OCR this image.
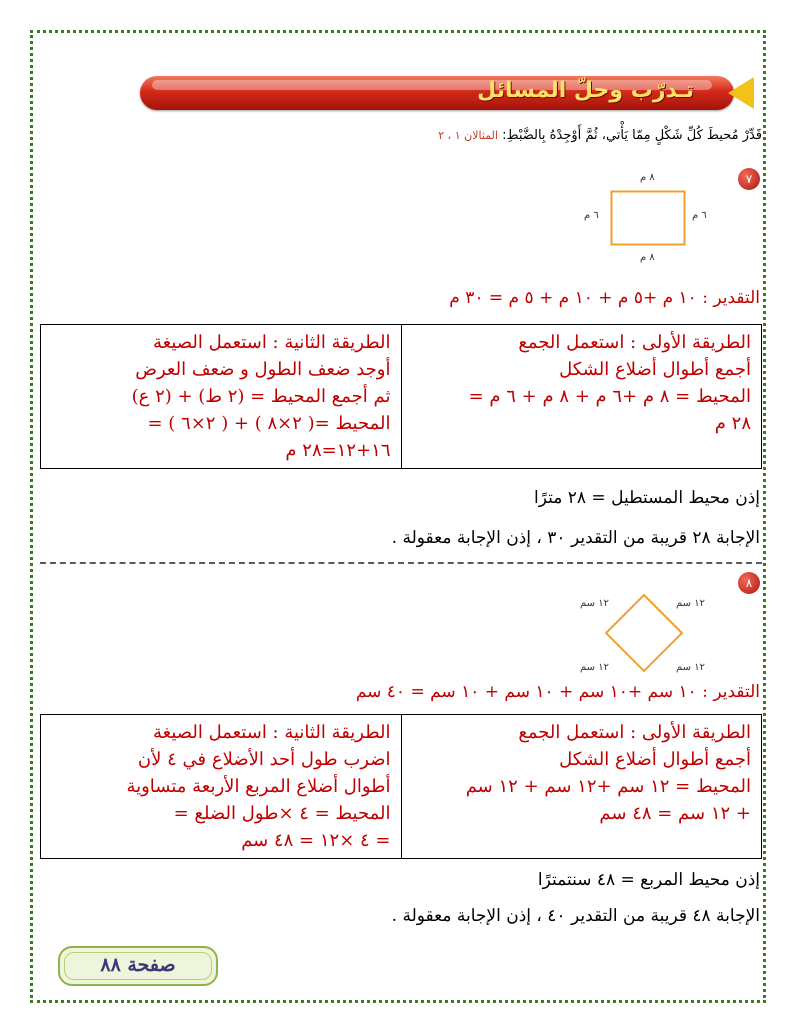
تـدرّب وحلّ المسائل
قَدِّرْ مُحيطَ كُلِّ شَكْلٍ مِمّا يَأْتي، ثُمَّ أَوْجِدْهُ بِالضَّبْطِ: المثالان ١ ، ٢
٧
٨ م
٨ م
٦ م	٦ م
التقدير : ١٠ م +٥ م + ١٠ م + ٥ م = ٣٠ م
الطريقة الأولى : استعمل الجمع
أجمع أطوال أضلاع الشكل
المحيط = ٨ م +٦ م + ٨ م + ٦ م =
٢٨ م

الطريقة الثانية : استعمل الصيغة
أوجد ضعف الطول و ضعف العرض
ثم أجمع المحيط = (٢ ط) + (٢ ع)
المحيط =( ٢×٨ ) + ( ٢×٦ ) =
١٦+١٢=٢٨ م
إذن محيط المستطيل = ٢٨ مترًا
الإجابة ٢٨ قريبة من التقدير ٣٠ ، إذن الإجابة معقولة .
٨
١٢ سم	١٢ سم
١٢ سم	١٢ سم
التقدير : ١٠ سم +١٠ سم + ١٠ سم + ١٠ سم = ٤٠ سم
الطريقة الأولى : استعمل الجمع
أجمع أطوال أضلاع الشكل
المحيط = ١٢ سم +١٢ سم + ١٢ سم
+ ١٢ سم = ٤٨ سم

الطريقة الثانية : استعمل الصيغة
اضرب طول أحد الأضلاع في ٤ لأن
أطوال أضلاع المربع الأربعة متساوية
المحيط = ٤ ×طول الضلع =
= ٤ ×١٢ = ٤٨ سم
إذن محيط المربع = ٤٨ سنتمترًا
الإجابة ٤٨ قريبة من التقدير ٤٠ ، إذن الإجابة معقولة .
صفحة ٨٨
